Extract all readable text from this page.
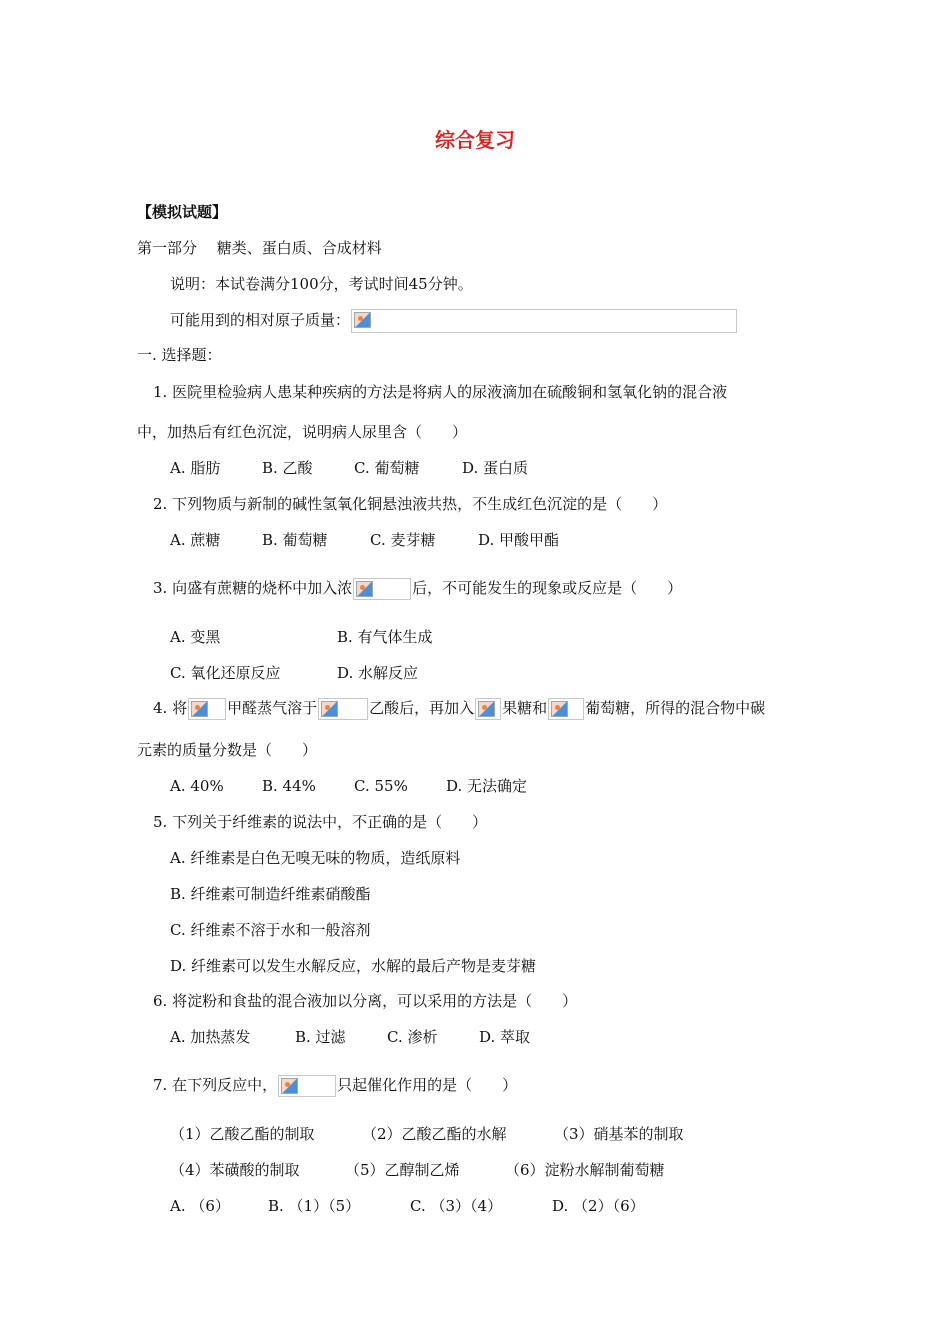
综合复习
【模拟试题】
第一部分　 糖类、蛋白质、合成材料
说明：本试卷满分100分，考试时间45分钟。
可能用到的相对原子质量：
一. 选择题：
1. 医院里检验病人患某种疾病的方法是将病人的尿液滴加在硫酸铜和氢氧化钠的混合液
中，加热后有红色沉淀，说明病人尿里含（　　）
A. 脂肪	B. 乙酸	C. 葡萄糖	D. 蛋白质
2. 下列物质与新制的碱性氢氧化铜悬浊液共热，不生成红色沉淀的是（　　）
A. 蔗糖	B. 葡萄糖	C. 麦芽糖	D. 甲酸甲酯
3. 向盛有蔗糖的烧杯中加入浓	后，不可能发生的现象或反应是（　　）
A. 变黑	B. 有气体生成
C. 氧化还原反应	D. 水解反应
4. 将	甲醛蒸气溶于	乙酸后，再加入 果糖和	葡萄糖，所得的混合物中碳
元素的质量分数是（　　）
A. 40%	B. 44%	C. 55%	D. 无法确定
5. 下列关于纤维素的说法中，不正确的是（　　）
A. 纤维素是白色无嗅无味的物质，造纸原料
B. 纤维素可制造纤维素硝酸酯
C. 纤维素不溶于水和一般溶剂
D. 纤维素可以发生水解反应，水解的最后产物是麦芽糖
6. 将淀粉和食盐的混合液加以分离，可以采用的方法是（　　）
A. 加热蒸发	B. 过滤	C. 渗析	D. 萃取
7. 在下列反应中，	只起催化作用的是（　　）
（1）乙酸乙酯的制取	（2）乙酸乙酯的水解	（3）硝基苯的制取
（4）苯磺酸的制取	（5）乙醇制乙烯	（6）淀粉水解制葡萄糖
A. （6）	B. （1）（5）	C. （3）（4）	D. （2）（6）
